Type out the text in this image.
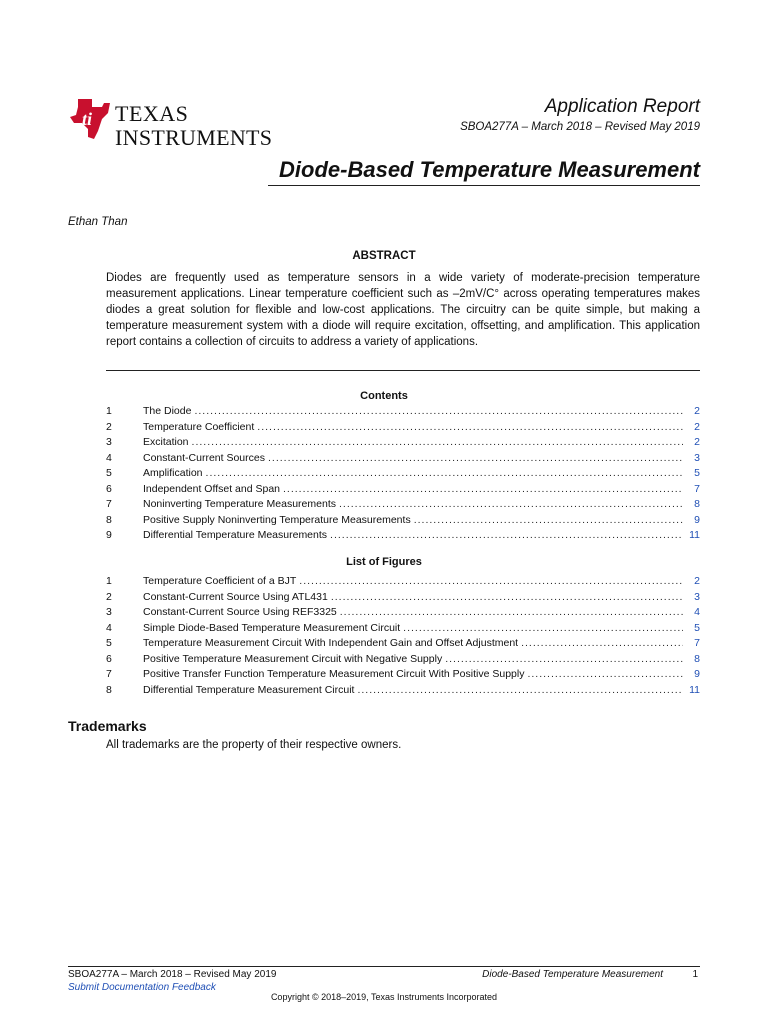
ti TEXAS
INSTRUMENTS
Application Report
SBOA277A – March 2018 – Revised May 2019
Diode-Based Temperature Measurement
Ethan Than
ABSTRACT
Diodes are frequently used as temperature sensors in a wide variety of moderate-precision temperature measurement applications. Linear temperature coefficient such as –2mV/C° across operating temperatures makes diodes a great solution for flexible and low-cost applications. The circuitry can be quite simple, but making a temperature measurement system with a diode will require excitation, offsetting, and amplification. This application report contains a collection of circuits to address a variety of applications.
Contents
1	The Diode .....	2
2	Temperature Coefficient .....	2
3	Excitation .....	2
4	Constant-Current Sources .....	3
5	Amplification .....	5
6	Independent Offset and Span .....	7
7	Noninverting Temperature Measurements .....	8
8	Positive Supply Noninverting Temperature Measurements .....	9
9	Differential Temperature Measurements .....	11
List of Figures
1	Temperature Coefficient of a BJT .....	2
2	Constant-Current Source Using ATL431 .....	3
3	Constant-Current Source Using REF3325 .....	4
4	Simple Diode-Based Temperature Measurement Circuit .....	5
5	Temperature Measurement Circuit With Independent Gain and Offset Adjustment .....	7
6	Positive Temperature Measurement Circuit with Negative Supply .....	8
7	Positive Transfer Function Temperature Measurement Circuit With Positive Supply .....	9
8	Differential Temperature Measurement Circuit .....	11
Trademarks
All trademarks are the property of their respective owners.
SBOA277A – March 2018 – Revised May 2019
Submit Documentation Feedback
Diode-Based Temperature Measurement	1
Copyright © 2018–2019, Texas Instruments Incorporated
